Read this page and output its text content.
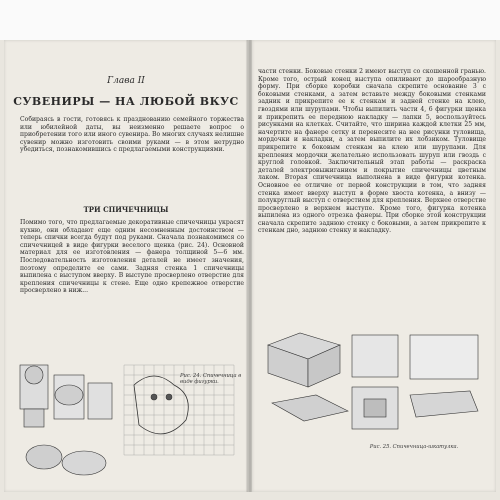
Глава II
СУВЕНИРЫ — НА ЛЮБОЙ ВКУС

Собираясь в гости, готовясь к празднованию семейного торжества или юбилейной даты, вы неизменно решаете вопрос о приобретении того или иного сувенира. Во многих случаях нелишне сувенир можно изготовить своими руками — в этом нетрудно убедиться, познакомившись с предлагаемыми конструкциями.

ТРИ СПИЧЕЧНИЦЫ

Помимо того, что предлагаемые декоративные спичечницы украсят кухню, они обладают еще одним несомненным достоинством — теперь спички всегда будут под руками. Сначала познакомимся со спичечницей в виде фигурки веселого щенка (рис. 24). Основной материал для ее изготовления — фанера толщиной 5—6 мм. Последовательность изготовления деталей не имеет значения, поэтому определите ее сами. Задняя стенка 1 спичечницы выпилена с выступом вверху. В выступе просверлено отверстие для крепления спичечницы к стене. Еще одно крепежное отверстие просверлено в ниж...

Рис. 24. Спичечница в виде фигурки.

части стенки. Боковые стенки 2 имеют выступ со скошенной гранью. Кроме того, острый конец выступа опиливают до шарообразную форму. При сборке коробки сначала скрепите основание 3 с боковыми стенками, а затем вставьте между боковыми стенками задник и прикрепите ее к стенкам и задней стенке на клею, гвоздями или шурупами. Чтобы выпилить части 4, 6 фигурки щенка и прикрепить ее переднюю накладку — лапки 5, воспользуйтесь рисунками на клетках. Считайте, что ширина каждой клетки 25 мм, начертите на фанере сетку и перенесите на нее рисунки туловища, мордочки и накладки, а затем выпилите их лобзиком. Туловище прикрепите к боковым стенкам на клею или шурупами. Для крепления мордочки желательно использовать шуруп или гвоздь с круглой головкой. Заключительный этап работы — раскраска деталей электровыжиганием и покрытие спичечницы цветным лаком. Вторая спичечница выполнена в виде фигурки котенка. Основное ее отличие от первой конструкции в том, что задняя стенка имеет вверху выступ в форме хвоста котенка, а внизу — полукруглый выступ с отверстием для крепления. Верхнее отверстие просверлено в верхнем выступе. Кроме того, фигурка котенка выпилена из одного отрезка фанеры. При сборке этой конструкции сначала скрепите заднюю стенку с боковыми, а затем прикрепите к стенкам дно, заднюю стенку и накладку.

Рис. 25. Спичечница-шкатулка.
